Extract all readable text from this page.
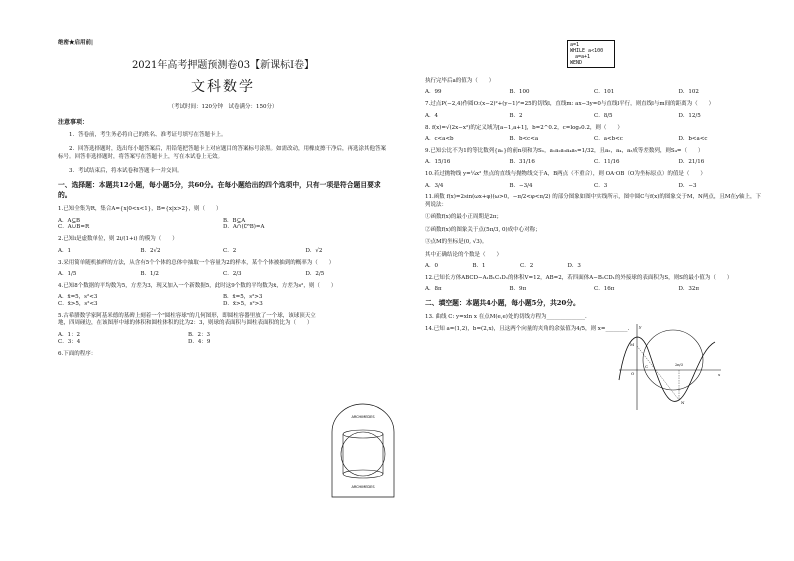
绝密★启用前|
2021年高考押题预测卷03【新课标Ⅰ卷】
文科数学
（考试时间：120分钟　试卷满分：150分）
注意事项：
1．答卷前，考生务必将自己的姓名、准考证号填写在答题卡上。
2．回答选择题时，选出每小题答案后，用铅笔把答题卡上对应题目的答案标号涂黑。如需改动，用橡皮擦干净后，再选涂其他答案标号。回答非选择题时，将答案写在答题卡上，写在本试卷上无效。
3．考试结束后，将本试卷和答题卡一并交回。
一、选择题：本题共12小题，每小题5分，共60分。在每小题给出的四个选项中，只有一项是符合题目要求的。
1.已知全集为R，集合A={x|0<x<1}，B={x|x>2}，则（　　）
A．A⊆B	B．B⊆A
C．A∪B=R	D．A∩(∁ᴿB)=A
2.已知i是虚数单位，则 2i/(1+i) 的模为（　　）
A．1	B．2√2	C．2	D．√2
3.采用简单随机抽样的方法，从含有5个个体的总体中抽取一个容量为2的样本，某个个体被抽到的概率为（　　）
A．1/5	B．1/2	C．2/3	D．2/5
4.已知8个数据的平均数为5，方差为3，现又加入一个新数据5，此时这9个数的平均数为x̄，方差为s²，则（　　）
A．x̄=5，s²<3	B．x̄=5，s²>3
C．x̄>5，s²<3	D．x̄>5，s²>3
5.古希腊数学家阿基米德的墓碑上刻着一个"圆柱容球"的几何图形，即圆柱容器里放了一个球，该球顶天立地，四周碰边，在该图形中球的体积和圆柱体积的比为2：3，则球的表面积与圆柱表面积的比为（　　）
A．1：2	B．2：3
C．3：4	D．4：9
6.下面的程序：
ARCHIMEDES
ARCHIMEDES
a=1
WHILE a<100
　a=a+1
WEND
执行完毕后a的值为（　　）
A．99	B．100	C．101	D．102
7.过点P(−2,4)作圆O:(x−2)²+(y−1)²=25的切线l，直线m: ax−3y=0与直线l平行，则直线l与m间的距离为（　　）
A．4	B．2	C．8/5	D．12/5
8. f(x)=√(2x−x²)的定义域为[a−1,a+1]，b=2^0.2，c=log₂0.2，则（　　）
A．c<a<b	B．b<c<a	C．a<b<c	D．b<a<c
9.已知公比不为1的等比数列{aₙ}的前n项和为Sₙ，a₁a₂a₃a₄a₅=1/32，且a₂，a₄，a₃成等差数列，则S₄=（　　）
A．15/16	B．31/16	C．11/16	D．21/16
10.若过抛物线 y=¼x² 焦点的直线与抛物线交于A，B两点（不重合），则 OA·OB（O为坐标原点）的值是（　　）
A．3/4	B．−3/4	C．3	D．−3
11.函数 f(x)=2sin(ωx+φ)(ω>0，−π/2<φ<π/2) 的部分图象如图中实线所示，图中圆C与f(x)的图象交于M，N两点，且M在y轴上，下列说法：
①函数f(x)的最小正周期是2π；
②函数f(x)的图象关于点(5π/3, 0)成中心对称；
③点M的坐标是(0, √3)。
其中正确结论的个数是（　　）
A．0	B．1	C．2	D．3
12.已知长方体ABCD−A₁B₁C₁D₁的体积V=12，AB=2，若四面体A−B₁CD₁的外接球的表面积为S，则S的最小值为（　　）
A．8π	B．9π	C．16π	D．32π
二、填空题：本题共4小题，每小题5分，共20分。
13. 曲线 C: y=xln x 在点M(e,e)处的切线方程为______________.
14.已知 a=(1,2)，b=(2,x)，且这两个向量的夹角的余弦值为4/5，则 x=________.	y
x
M
O
C
N
2π/3
